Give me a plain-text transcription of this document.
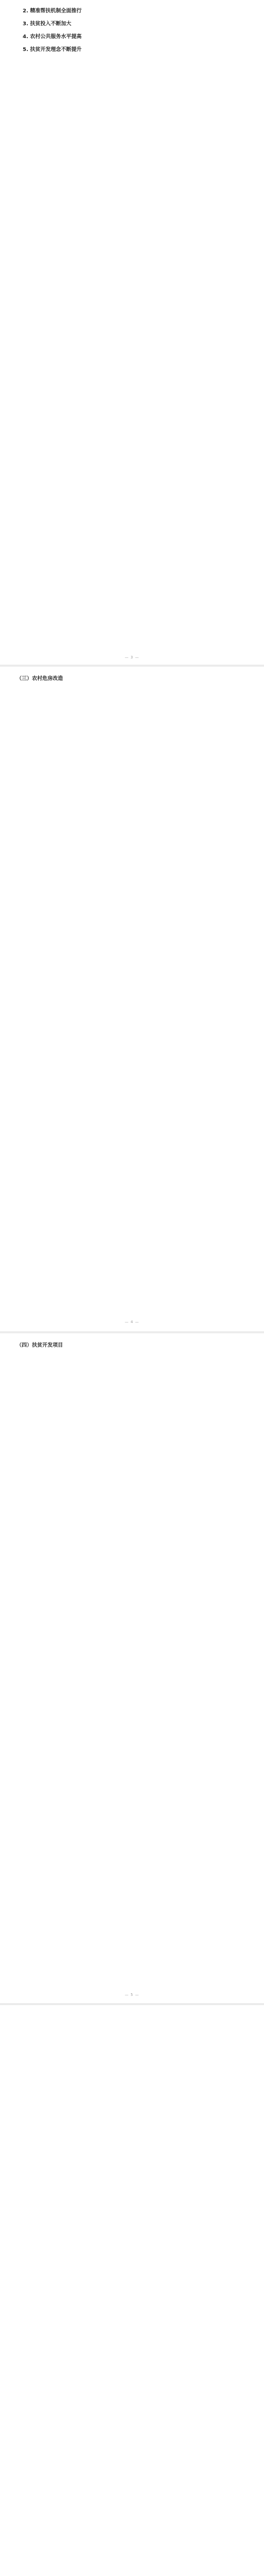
2. 精准帮扶机制全面推行

3. 扶贫投入不断加大

4. 农村公共服务水平提高

5. 扶贫开发理念不断提升

— 3 —

（三）农村危房改造

— 4 —

（四）扶贫开发项目

— 5 —
